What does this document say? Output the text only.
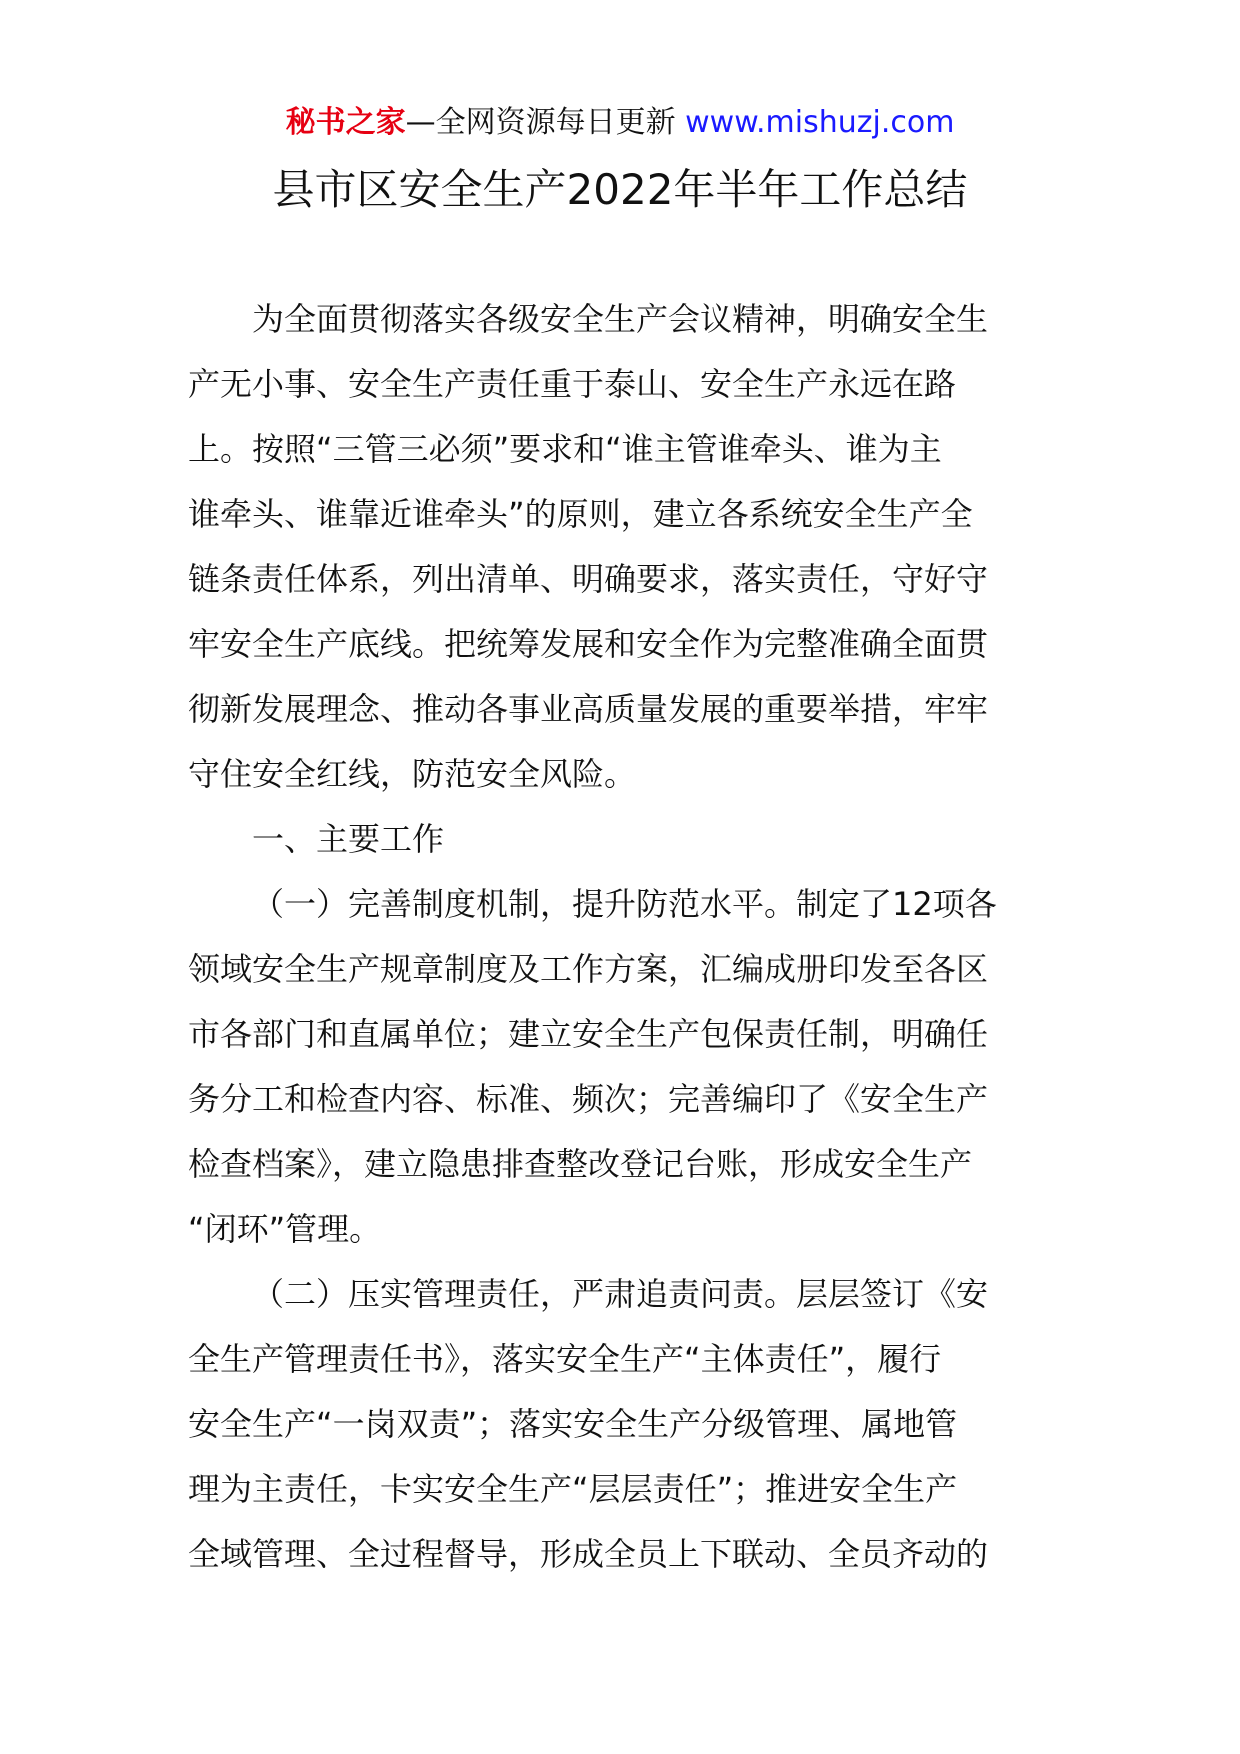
秘书之家—全网资源每日更新 www.mishuzj.com
县市区安全生产2022年半年工作总结
为全面贯彻落实各级安全生产会议精神，明确安全生
产无小事、安全生产责任重于泰山、安全生产永远在路
上。按照“三管三必须”要求和“谁主管谁牵头、谁为主
谁牵头、谁靠近谁牵头”的原则，建立各系统安全生产全
链条责任体系，列出清单、明确要求，落实责任，守好守
牢安全生产底线。把统筹发展和安全作为完整准确全面贯
彻新发展理念、推动各事业高质量发展的重要举措，牢牢
守住安全红线，防范安全风险。
一、主要工作
（一）完善制度机制，提升防范水平。制定了12项各
领域安全生产规章制度及工作方案，汇编成册印发至各区
市各部门和直属单位；建立安全生产包保责任制，明确任
务分工和检查内容、标准、频次；完善编印了《安全生产
检查档案》，建立隐患排查整改登记台账，形成安全生产
“闭环”管理。
（二）压实管理责任，严肃追责问责。层层签订《安
全生产管理责任书》，落实安全生产“主体责任”，履行
安全生产“一岗双责”；落实安全生产分级管理、属地管
理为主责任，卡实安全生产“层层责任”；推进安全生产
全域管理、全过程督导，形成全员上下联动、全员齐动的
